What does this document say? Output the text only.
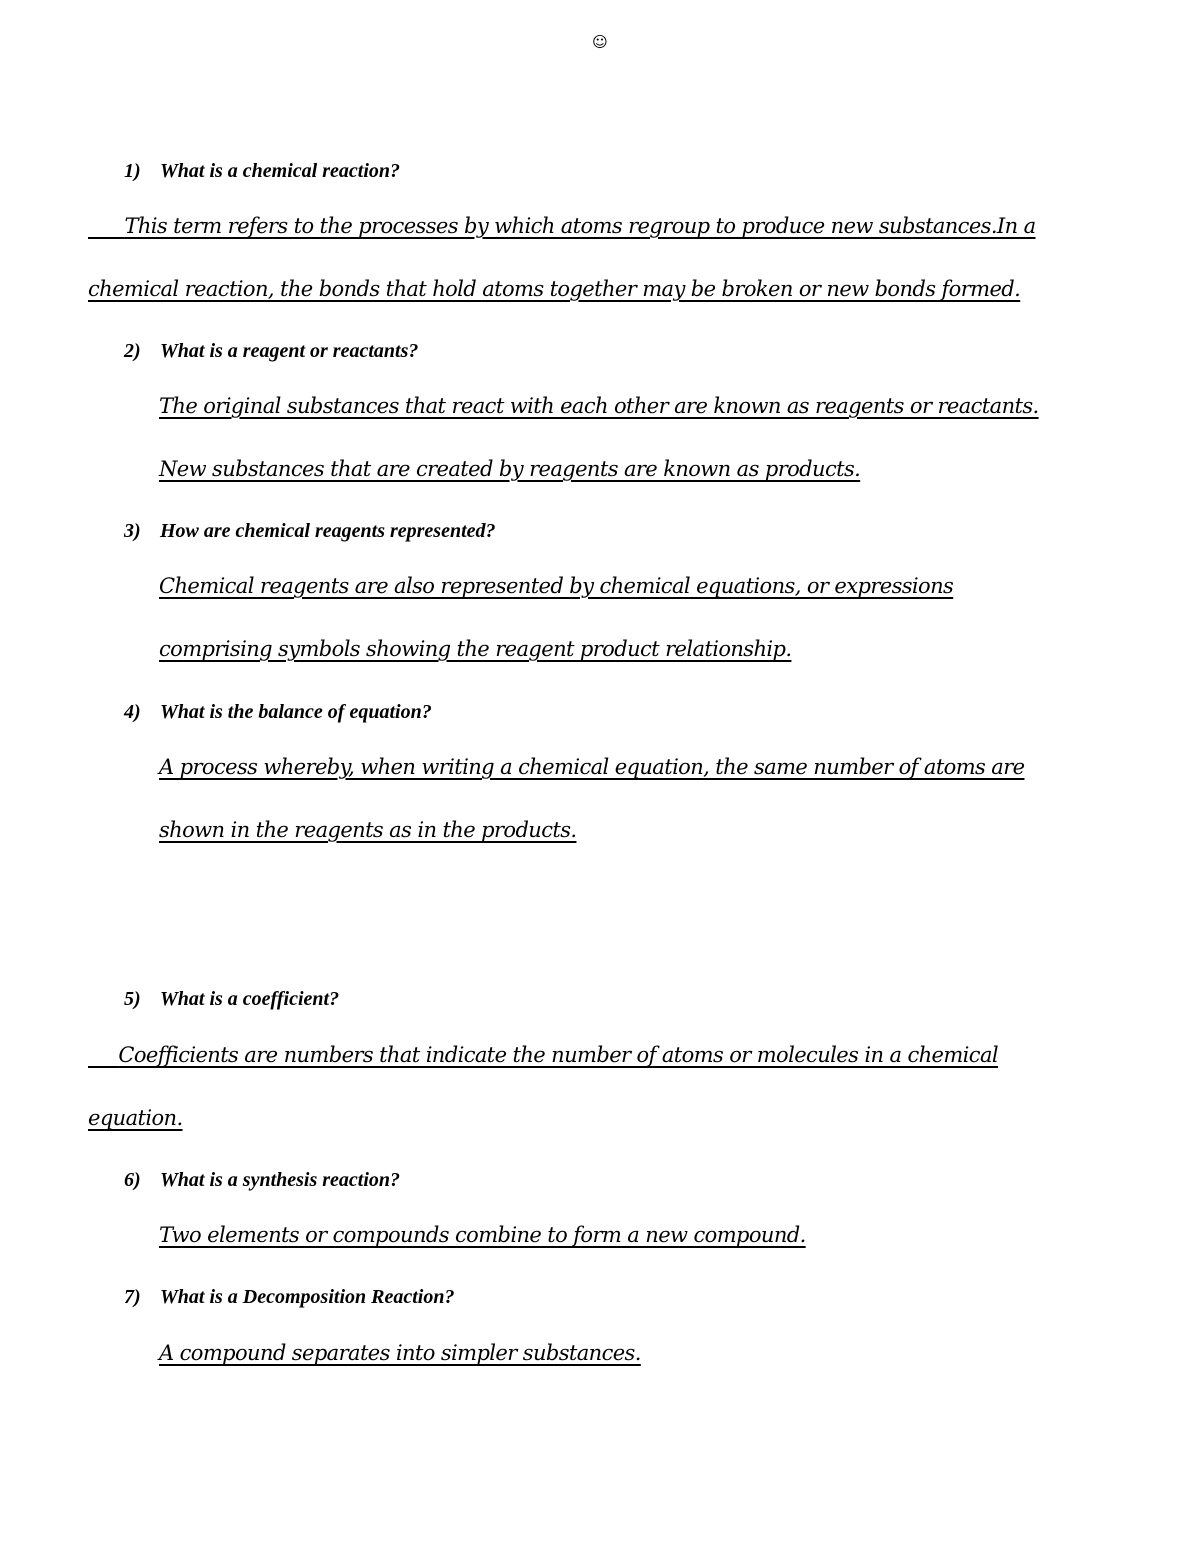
☺
1) What is a chemical reaction?
This term refers to the processes by which atoms regroup to produce new substances.In a
chemical reaction, the bonds that hold atoms together may be broken or new bonds formed.
2) What is a reagent or reactants?
The original substances that react with each other are known as reagents or reactants.
New substances that are created by reagents are known as products.
3) How are chemical reagents represented?
Chemical reagents are also represented by chemical equations, or expressions
comprising symbols showing the reagent product relationship.
4) What is the balance of equation?
A process whereby, when writing a chemical equation, the same number of atoms are
shown in the reagents as in the products.
5) What is a coefficient?
Coefficients are numbers that indicate the number of atoms or molecules in a chemical
equation.
6) What is a synthesis reaction?
Two elements or compounds combine to form a new compound.
7) What is a Decomposition Reaction?
A compound separates into simpler substances.
